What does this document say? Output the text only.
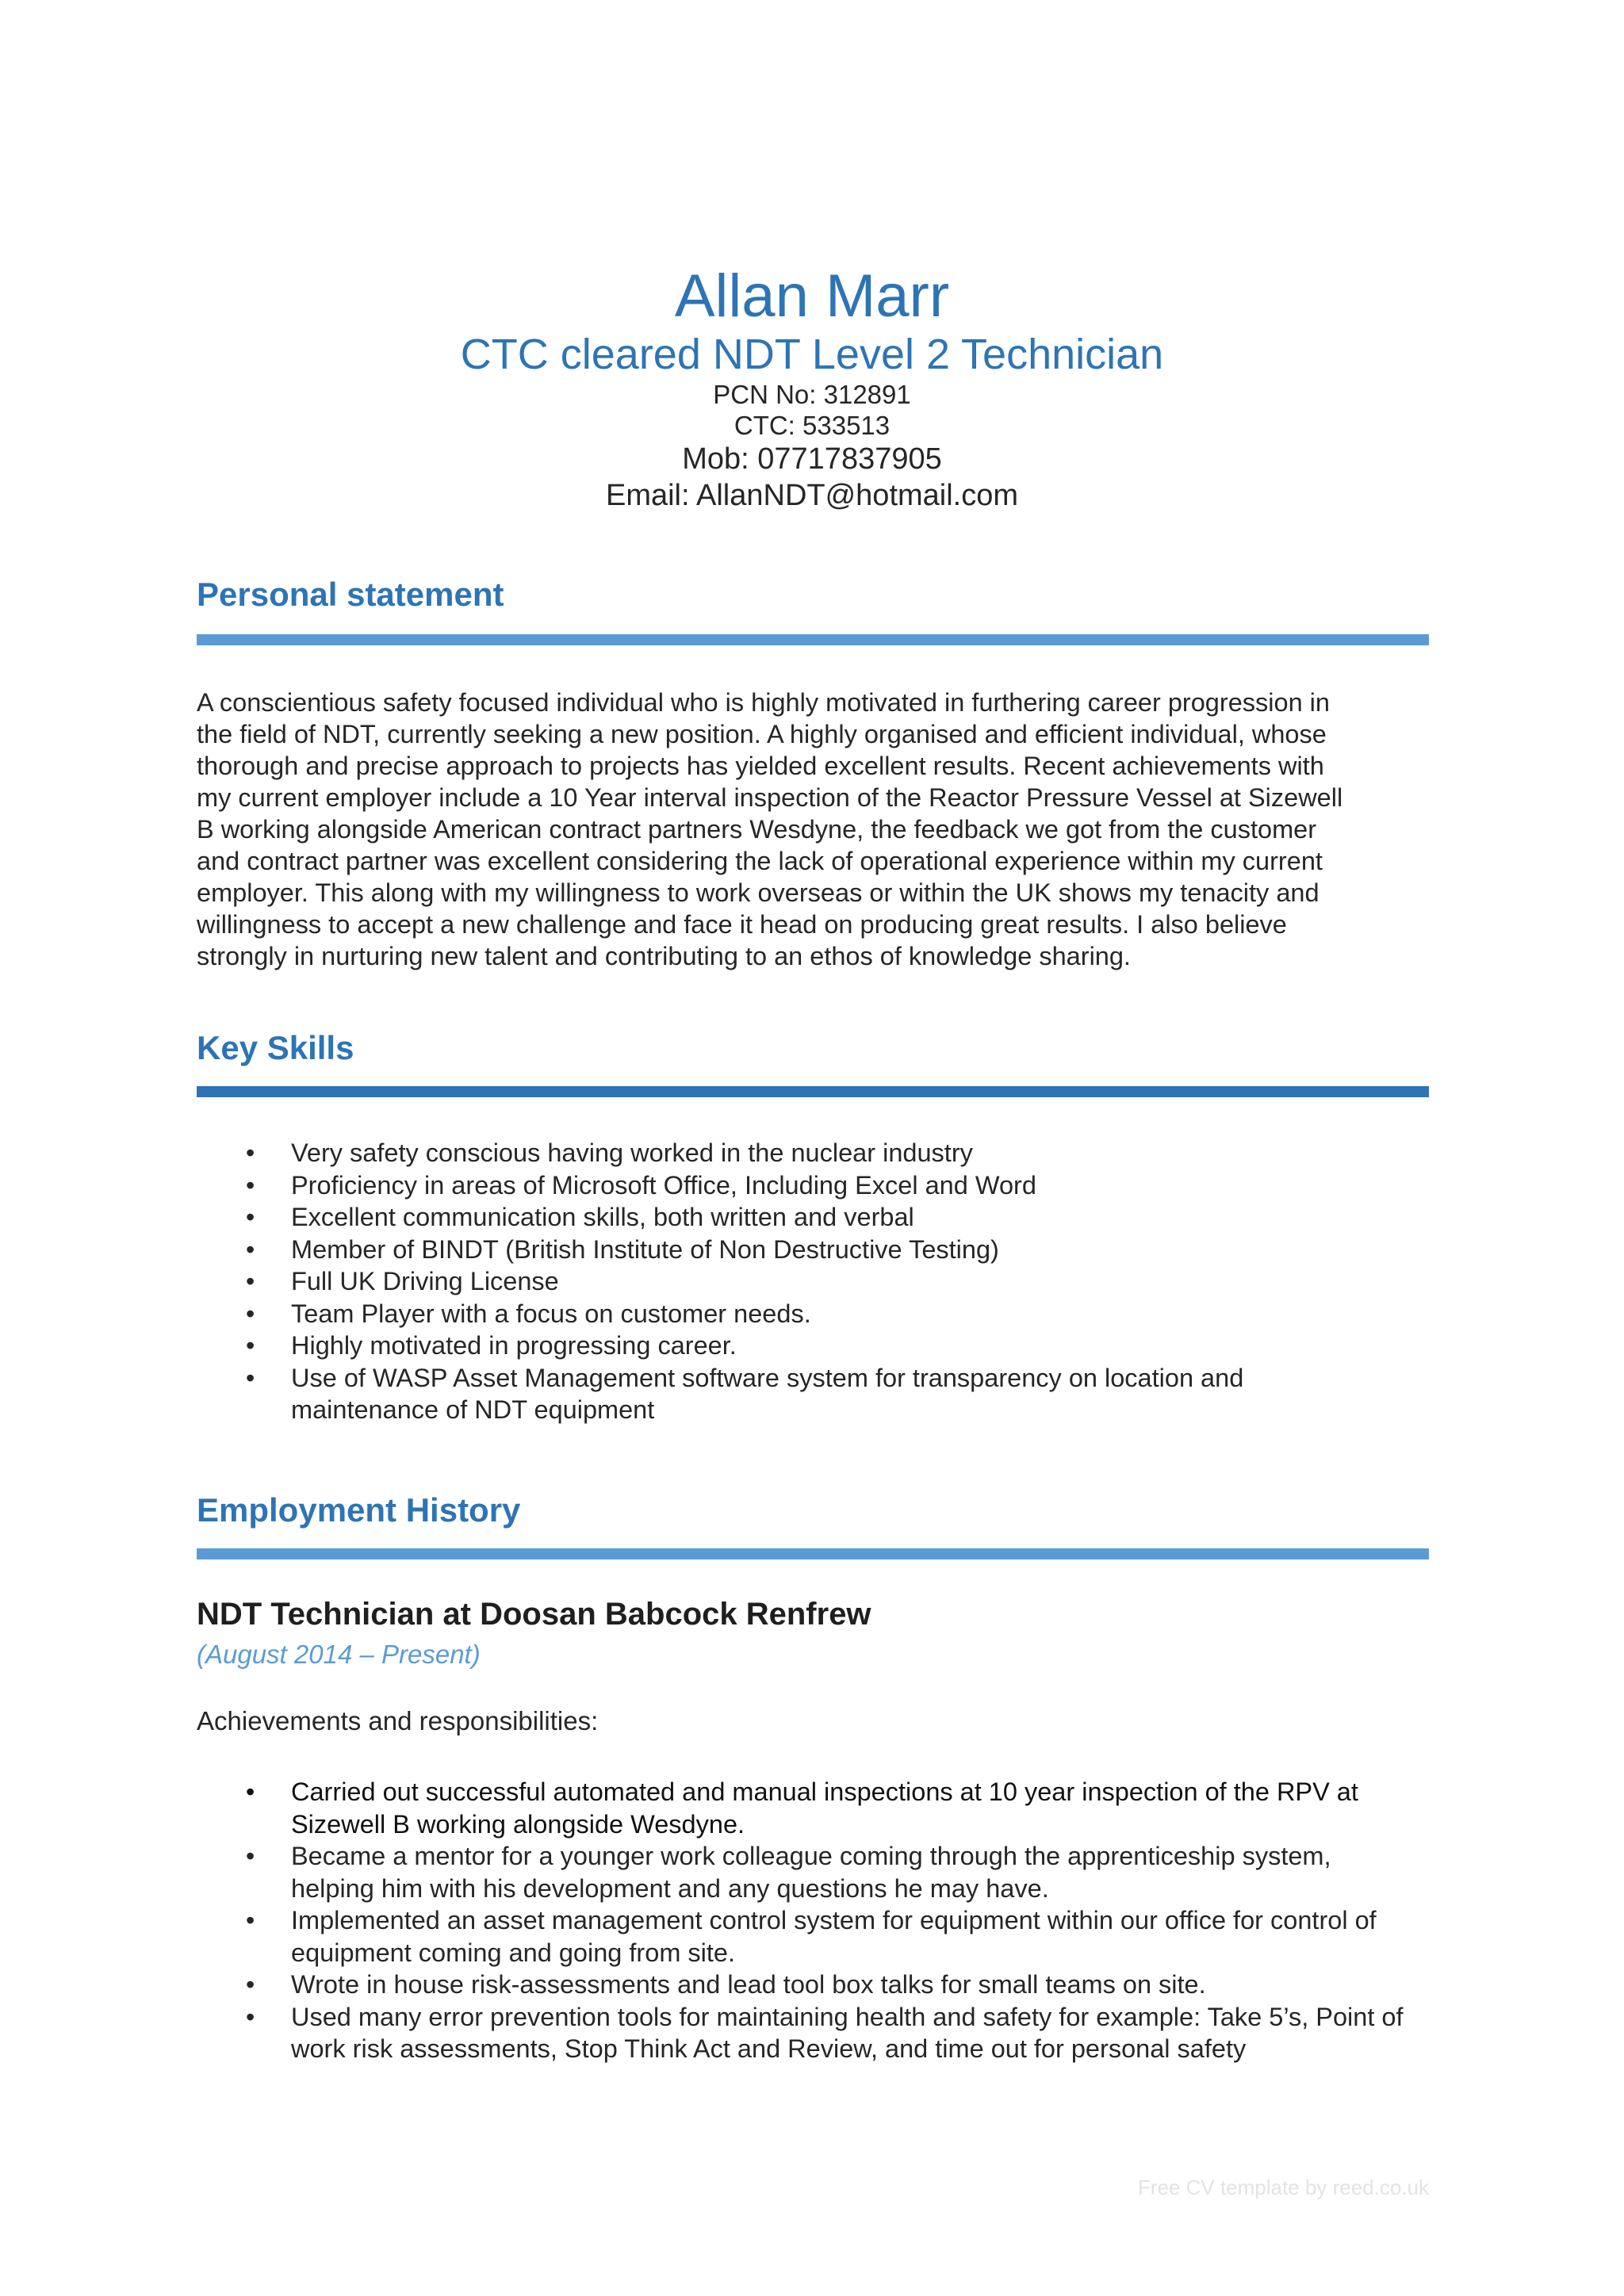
Allan Marr
CTC cleared NDT Level 2 Technician
PCN No: 312891
CTC: 533513
Mob: 07717837905
Email: AllanNDT@hotmail.com
Personal statement
A conscientious safety focused individual who is highly motivated in furthering career progression in
the field of NDT, currently seeking a new position. A highly organised and efficient individual, whose
thorough and precise approach to projects has yielded excellent results. Recent achievements with
my current employer include a 10 Year interval inspection of the Reactor Pressure Vessel at Sizewell
B working alongside American contract partners Wesdyne, the feedback we got from the customer
and contract partner was excellent considering the lack of operational experience within my current
employer. This along with my willingness to work overseas or within the UK shows my tenacity and
willingness to accept a new challenge and face it head on producing great results. I also believe
strongly in nurturing new talent and contributing to an ethos of knowledge sharing.
Key Skills
• Very safety conscious having worked in the nuclear industry
• Proficiency in areas of Microsoft Office, Including Excel and Word
• Excellent communication skills, both written and verbal
• Member of BINDT (British Institute of Non Destructive Testing)
• Full UK Driving License
• Team Player with a focus on customer needs.
• Highly motivated in progressing career.
• Use of WASP Asset Management software system for transparency on location and maintenance of NDT equipment
Employment History
NDT Technician at Doosan Babcock Renfrew
(August 2014 – Present)
Achievements and responsibilities:
• Carried out successful automated and manual inspections at 10 year inspection of the RPV at Sizewell B working alongside Wesdyne.
• Became a mentor for a younger work colleague coming through the apprenticeship system, helping him with his development and any questions he may have.
• Implemented an asset management control system for equipment within our office for control of equipment coming and going from site.
• Wrote in house risk-assessments and lead tool box talks for small teams on site.
• Used many error prevention tools for maintaining health and safety for example: Take 5’s, Point of work risk assessments, Stop Think Act and Review, and time out for personal safety
Free CV template by reed.co.uk
